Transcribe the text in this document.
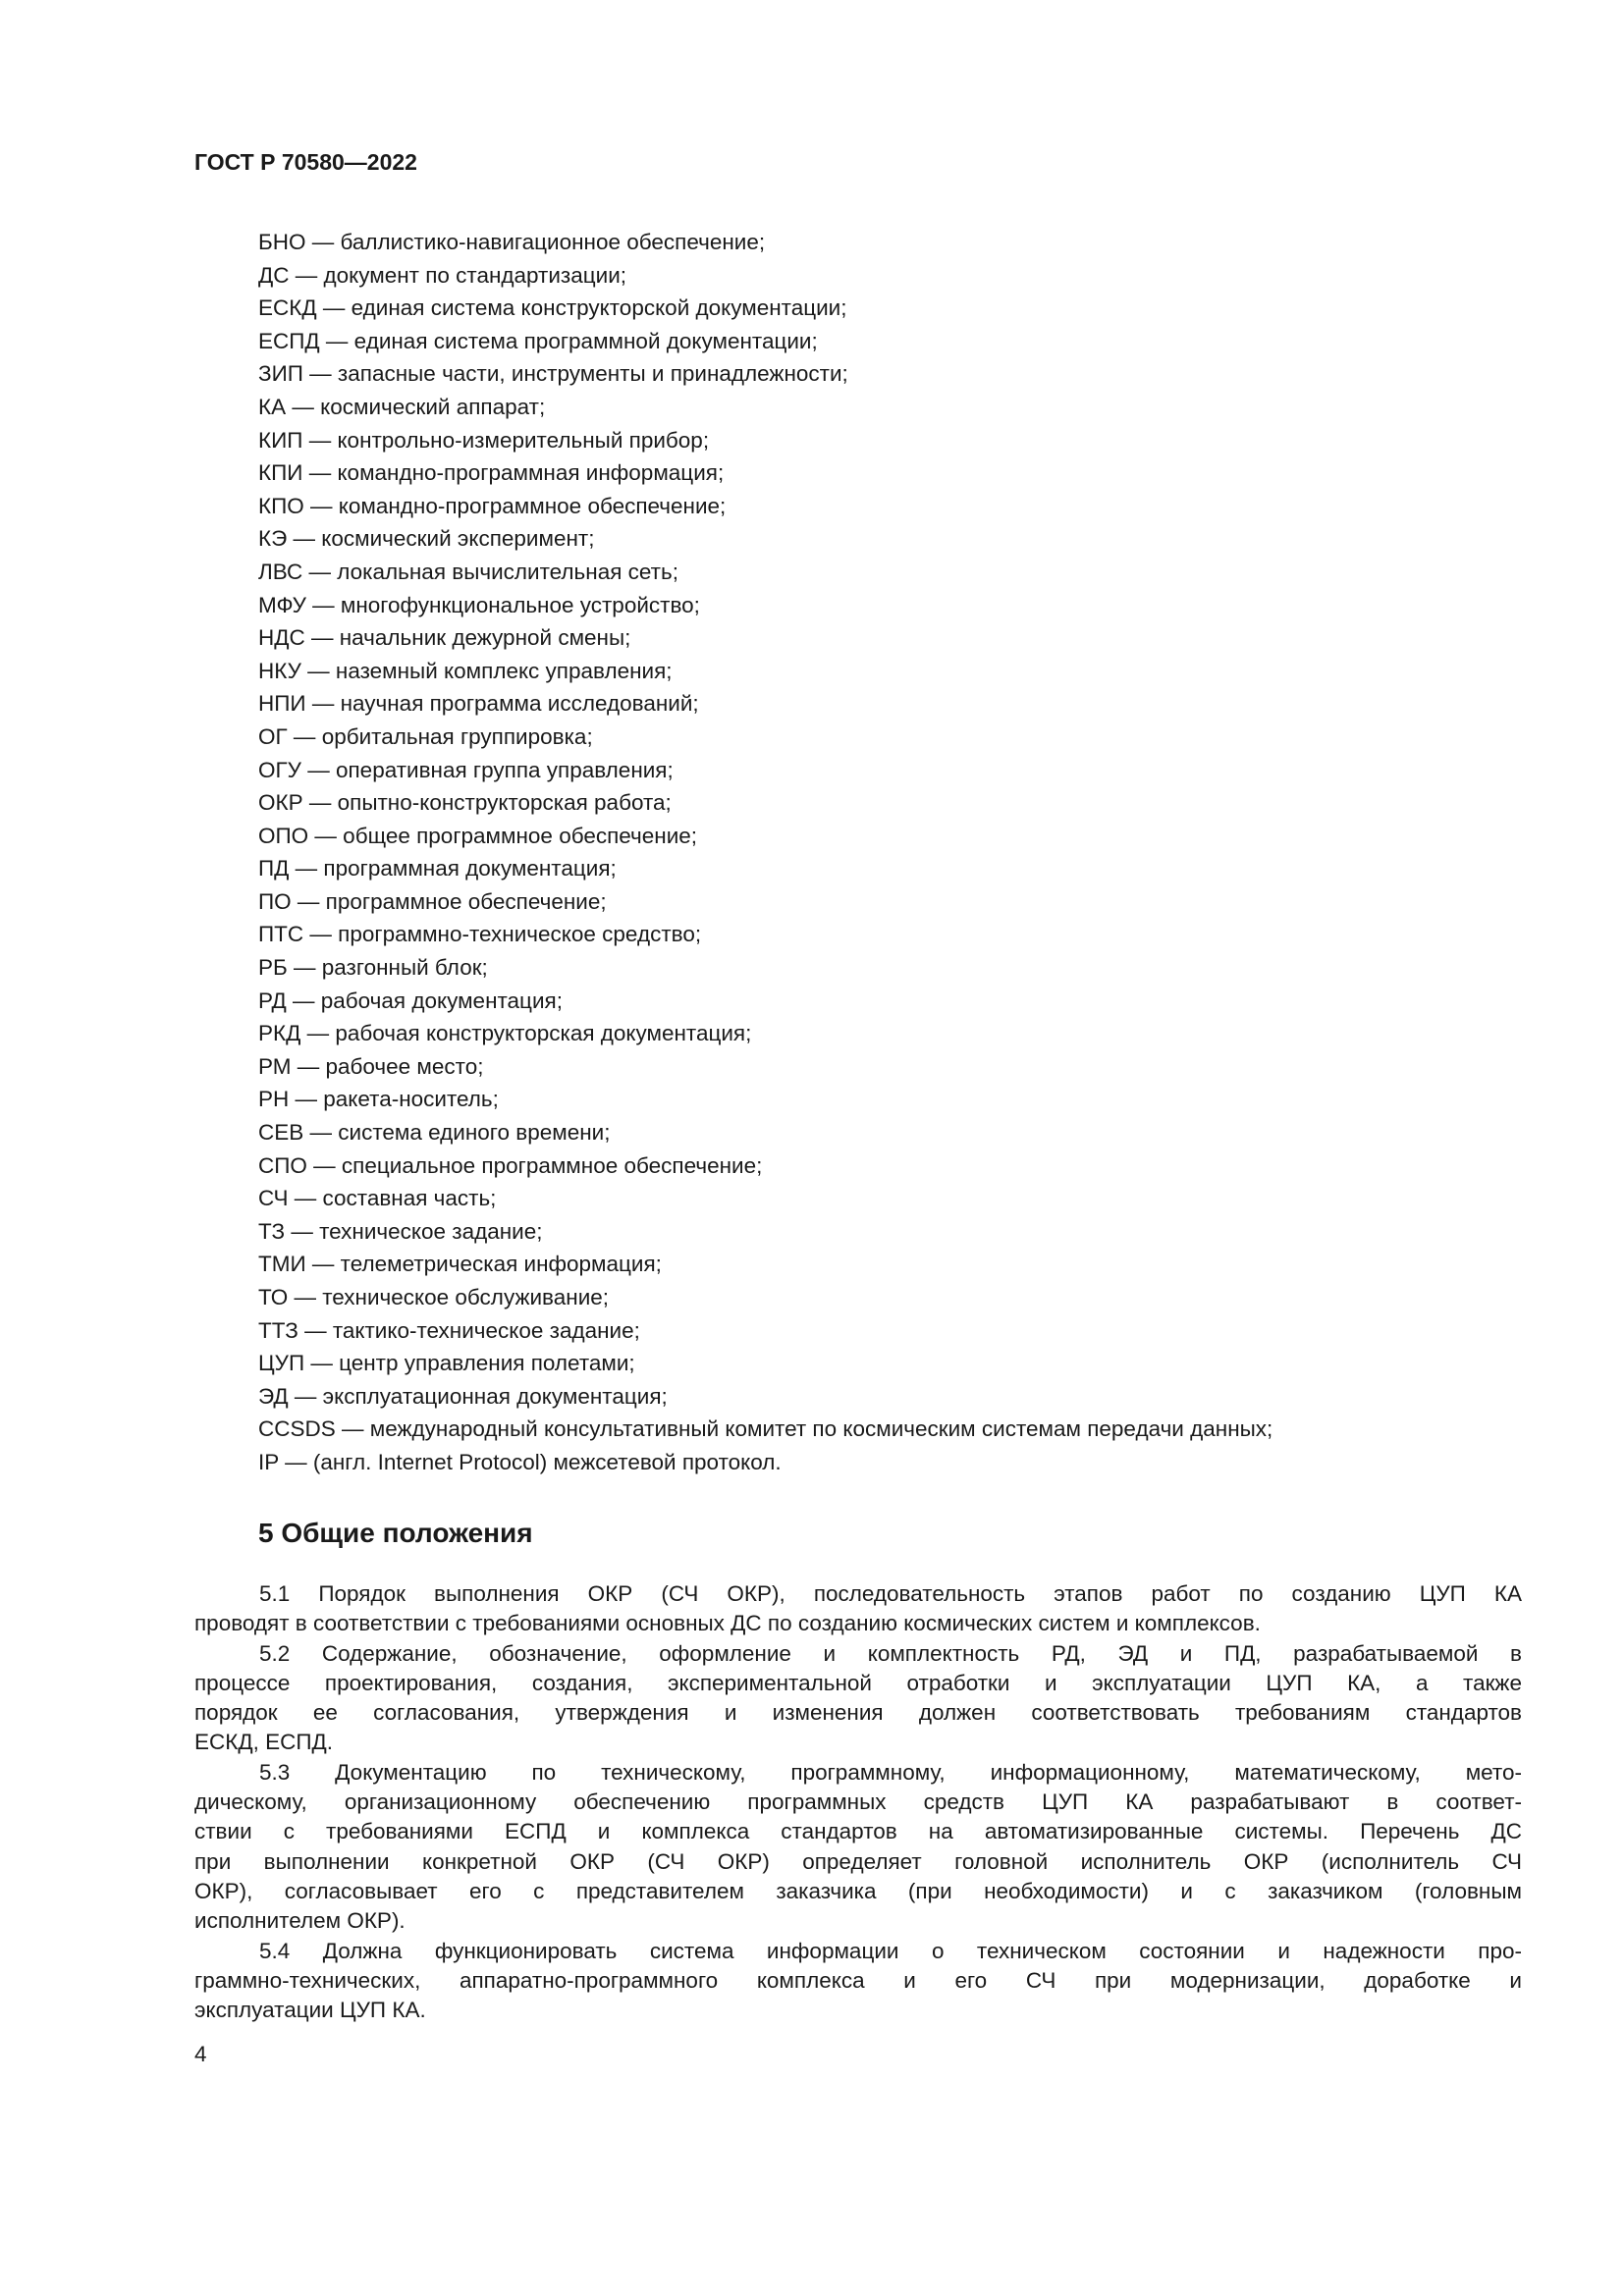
ГОСТ Р 70580—2022
БНО — баллистико-навигационное обеспечение;
ДС — документ по стандартизации;
ЕСКД — единая система конструкторской документации;
ЕСПД — единая система программной документации;
ЗИП — запасные части, инструменты и принадлежности;
КА — космический аппарат;
КИП — контрольно-измерительный прибор;
КПИ — командно-программная информация;
КПО — командно-программное обеспечение;
КЭ — космический эксперимент;
ЛВС — локальная вычислительная сеть;
МФУ — многофункциональное устройство;
НДС — начальник дежурной смены;
НКУ — наземный комплекс управления;
НПИ — научная программа исследований;
ОГ — орбитальная группировка;
ОГУ — оперативная группа управления;
ОКР — опытно-конструкторская работа;
ОПО — общее программное обеспечение;
ПД — программная документация;
ПО — программное обеспечение;
ПТС — программно-техническое средство;
РБ — разгонный блок;
РД — рабочая документация;
РКД — рабочая конструкторская документация;
РМ — рабочее место;
РН — ракета-носитель;
СЕВ — система единого времени;
СПО — специальное программное обеспечение;
СЧ — составная часть;
ТЗ — техническое задание;
ТМИ — телеметрическая информация;
ТО — техническое обслуживание;
ТТЗ — тактико-техническое задание;
ЦУП — центр управления полетами;
ЭД — эксплуатационная документация;
CCSDS — международный консультативный комитет по космическим системам передачи данных;
IP — (англ. Internet Protocol) межсетевой протокол.
5 Общие положения
5.1 Порядок выполнения ОКР (СЧ ОКР), последовательность этапов работ по созданию ЦУП КА
проводят в соответствии с требованиями основных ДС по созданию космических систем и комплексов.
5.2 Содержание, обозначение, оформление и комплектность РД, ЭД и ПД, разрабатываемой в
процессе проектирования, создания, экспериментальной отработки и эксплуатации ЦУП КА, а также
порядок ее согласования, утверждения и изменения должен соответствовать требованиям стандартов
ЕСКД, ЕСПД.
5.3 Документацию по техническому, программному, информационному, математическому, мето-
дическому, организационному обеспечению программных средств ЦУП КА разрабатывают в соответ-
ствии с требованиями ЕСПД и комплекса стандартов на автоматизированные системы. Перечень ДС
при выполнении конкретной ОКР (СЧ ОКР) определяет головной исполнитель ОКР (исполнитель СЧ
ОКР), согласовывает его с представителем заказчика (при необходимости) и с заказчиком (головным
исполнителем ОКР).
5.4 Должна функционировать система информации о техническом состоянии и надежности про-
граммно-технических, аппаратно-программного комплекса и его СЧ при модернизации, доработке и
эксплуатации ЦУП КА.
4
